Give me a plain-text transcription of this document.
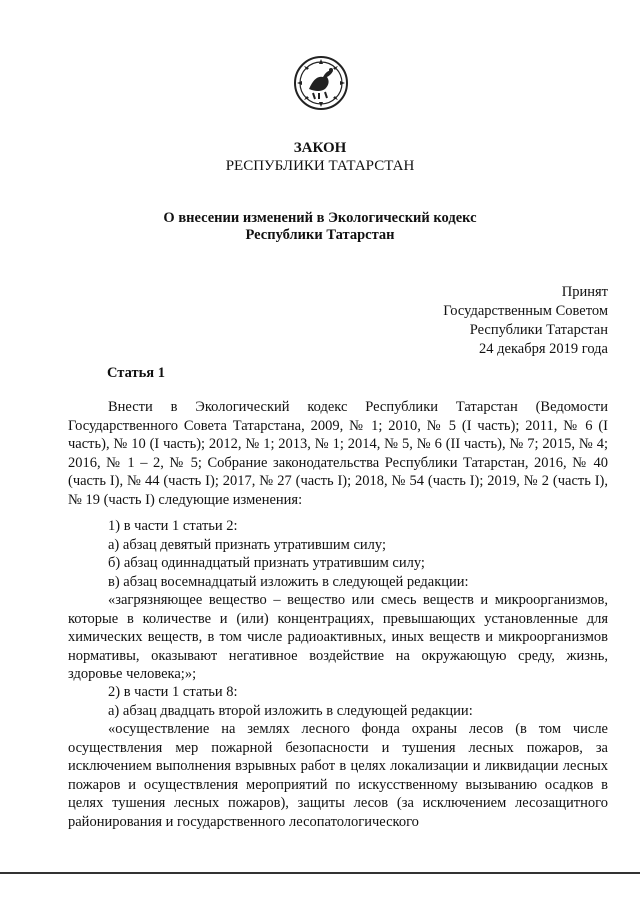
ЗАКОН
РЕСПУБЛИКИ ТАТАРСТАН
О внесении изменений в Экологический кодекс
Республики Татарстан
Принят
Государственным Советом
Республики Татарстан
24 декабря 2019 года
Статья 1

Внести в Экологический кодекс Республики Татарстан (Ведомости Государственного Совета Татарстана, 2009, № 1; 2010, № 5 (I часть); 2011, № 6 (I часть), № 10 (I часть); 2012, № 1; 2013, № 1; 2014, № 5, № 6 (II часть), № 7; 2015, № 4; 2016, № 1 – 2, № 5; Собрание законодательства Республики Татарстан, 2016, № 40 (часть I), № 44 (часть I); 2017, № 27 (часть I); 2018, № 54 (часть I); 2019, № 2 (часть I), № 19 (часть I) следующие изменения:

1) в части 1 статьи 2:

а) абзац девятый признать утратившим силу;

б) абзац одиннадцатый признать утратившим силу;

в) абзац восемнадцатый изложить в следующей редакции:

«загрязняющее вещество – вещество или смесь веществ и микроорганизмов, которые в количестве и (или) концентрациях, превышающих установленные для химических веществ, в том числе радиоактивных, иных веществ и микроорганизмов нормативы, оказывают негативное воздействие на окружающую среду, жизнь, здоровье человека;»;

2) в части 1 статьи 8:

а) абзац двадцать второй изложить в следующей редакции:

«осуществление на землях лесного фонда охраны лесов (в том числе осуществления мер пожарной безопасности и тушения лесных пожаров, за исключением выполнения взрывных работ в целях локализации и ликвидации лесных пожаров и осуществления мероприятий по искусственному вызыванию осадков в целях тушения лесных пожаров), защиты лесов (за исключением лесозащитного районирования и государственного лесопатологического
